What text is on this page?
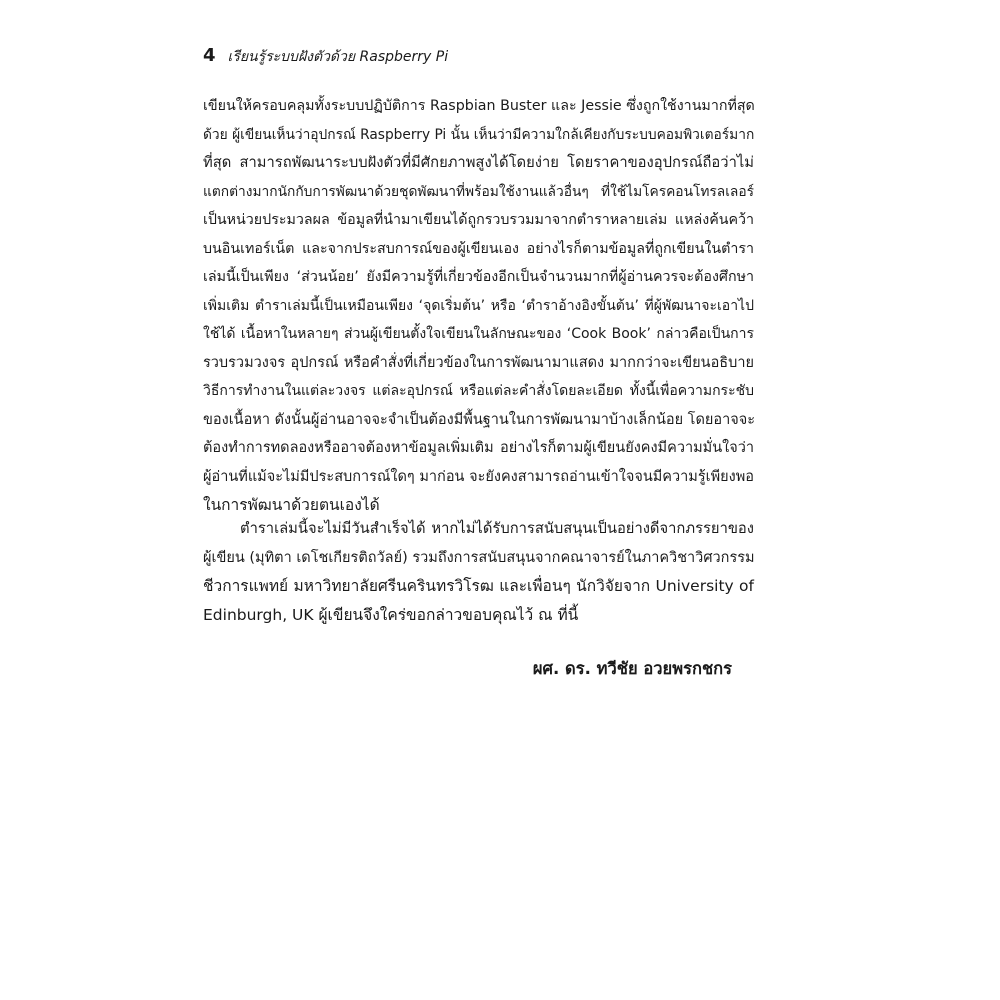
4 เรียนรู้ระบบฝังตัวด้วย Raspberry Pi
เขียนให้ครอบคลุมทั้งระบบปฏิบัติการ Raspbian Buster และ Jessie ซึ่งถูกใช้งานมากที่สุด
ด้วย ผู้เขียนเห็นว่าอุปกรณ์ Raspberry Pi นั้น เห็นว่ามีความใกล้เคียงกับระบบคอมพิวเตอร์มาก
ที่สุด สามารถพัฒนาระบบฝังตัวที่มีศักยภาพสูงได้โดยง่าย โดยราคาของอุปกรณ์ถือว่าไม่
แตกต่างมากนักกับการพัฒนาด้วยชุดพัฒนาที่พร้อมใช้งานแล้วอื่นๆ ที่ใช้ไมโครคอนโทรลเลอร์
เป็นหน่วยประมวลผล ข้อมูลที่นำมาเขียนได้ถูกรวบรวมมาจากตำราหลายเล่ม แหล่งค้นคว้า
บนอินเทอร์เน็ต และจากประสบการณ์ของผู้เขียนเอง อย่างไรก็ตามข้อมูลที่ถูกเขียนในตำรา
เล่มนี้เป็นเพียง ‘ส่วนน้อย’ ยังมีความรู้ที่เกี่ยวข้องอีกเป็นจำนวนมากที่ผู้อ่านควรจะต้องศึกษา
เพิ่มเติม ตำราเล่มนี้เป็นเหมือนเพียง ‘จุดเริ่มต้น’ หรือ ‘ตำราอ้างอิงขั้นต้น’ ที่ผู้พัฒนาจะเอาไป
ใช้ได้ เนื้อหาในหลายๆ ส่วนผู้เขียนตั้งใจเขียนในลักษณะของ ‘Cook Book’ กล่าวคือเป็นการ
รวบรวมวงจร อุปกรณ์ หรือคำสั่งที่เกี่ยวข้องในการพัฒนามาแสดง มากกว่าจะเขียนอธิบาย
วิธีการทำงานในแต่ละวงจร แต่ละอุปกรณ์ หรือแต่ละคำสั่งโดยละเอียด ทั้งนี้เพื่อความกระชับ
ของเนื้อหา ดังนั้นผู้อ่านอาจจะจำเป็นต้องมีพื้นฐานในการพัฒนามาบ้างเล็กน้อย โดยอาจจะ
ต้องทำการทดลองหรืออาจต้องหาข้อมูลเพิ่มเติม อย่างไรก็ตามผู้เขียนยังคงมีความมั่นใจว่า
ผู้อ่านที่แม้จะไม่มีประสบการณ์ใดๆ มาก่อน จะยังคงสามารถอ่านเข้าใจจนมีความรู้เพียงพอ
ในการพัฒนาด้วยตนเองได้
ตำราเล่มนี้จะไม่มีวันสำเร็จได้ หากไม่ได้รับการสนับสนุนเป็นอย่างดีจากภรรยาของ
ผู้เขียน (มุทิตา เดโชเกียรติถวัลย์) รวมถึงการสนับสนุนจากคณาจารย์ในภาควิชาวิศวกรรม
ชีวการแพทย์ มหาวิทยาลัยศรีนครินทรวิโรฒ และเพื่อนๆ นักวิจัยจาก University of
Edinburgh, UK ผู้เขียนจึงใคร่ขอกล่าวขอบคุณไว้ ณ ที่นี้
ผศ. ดร. ทวีชัย อวยพรกชกร
